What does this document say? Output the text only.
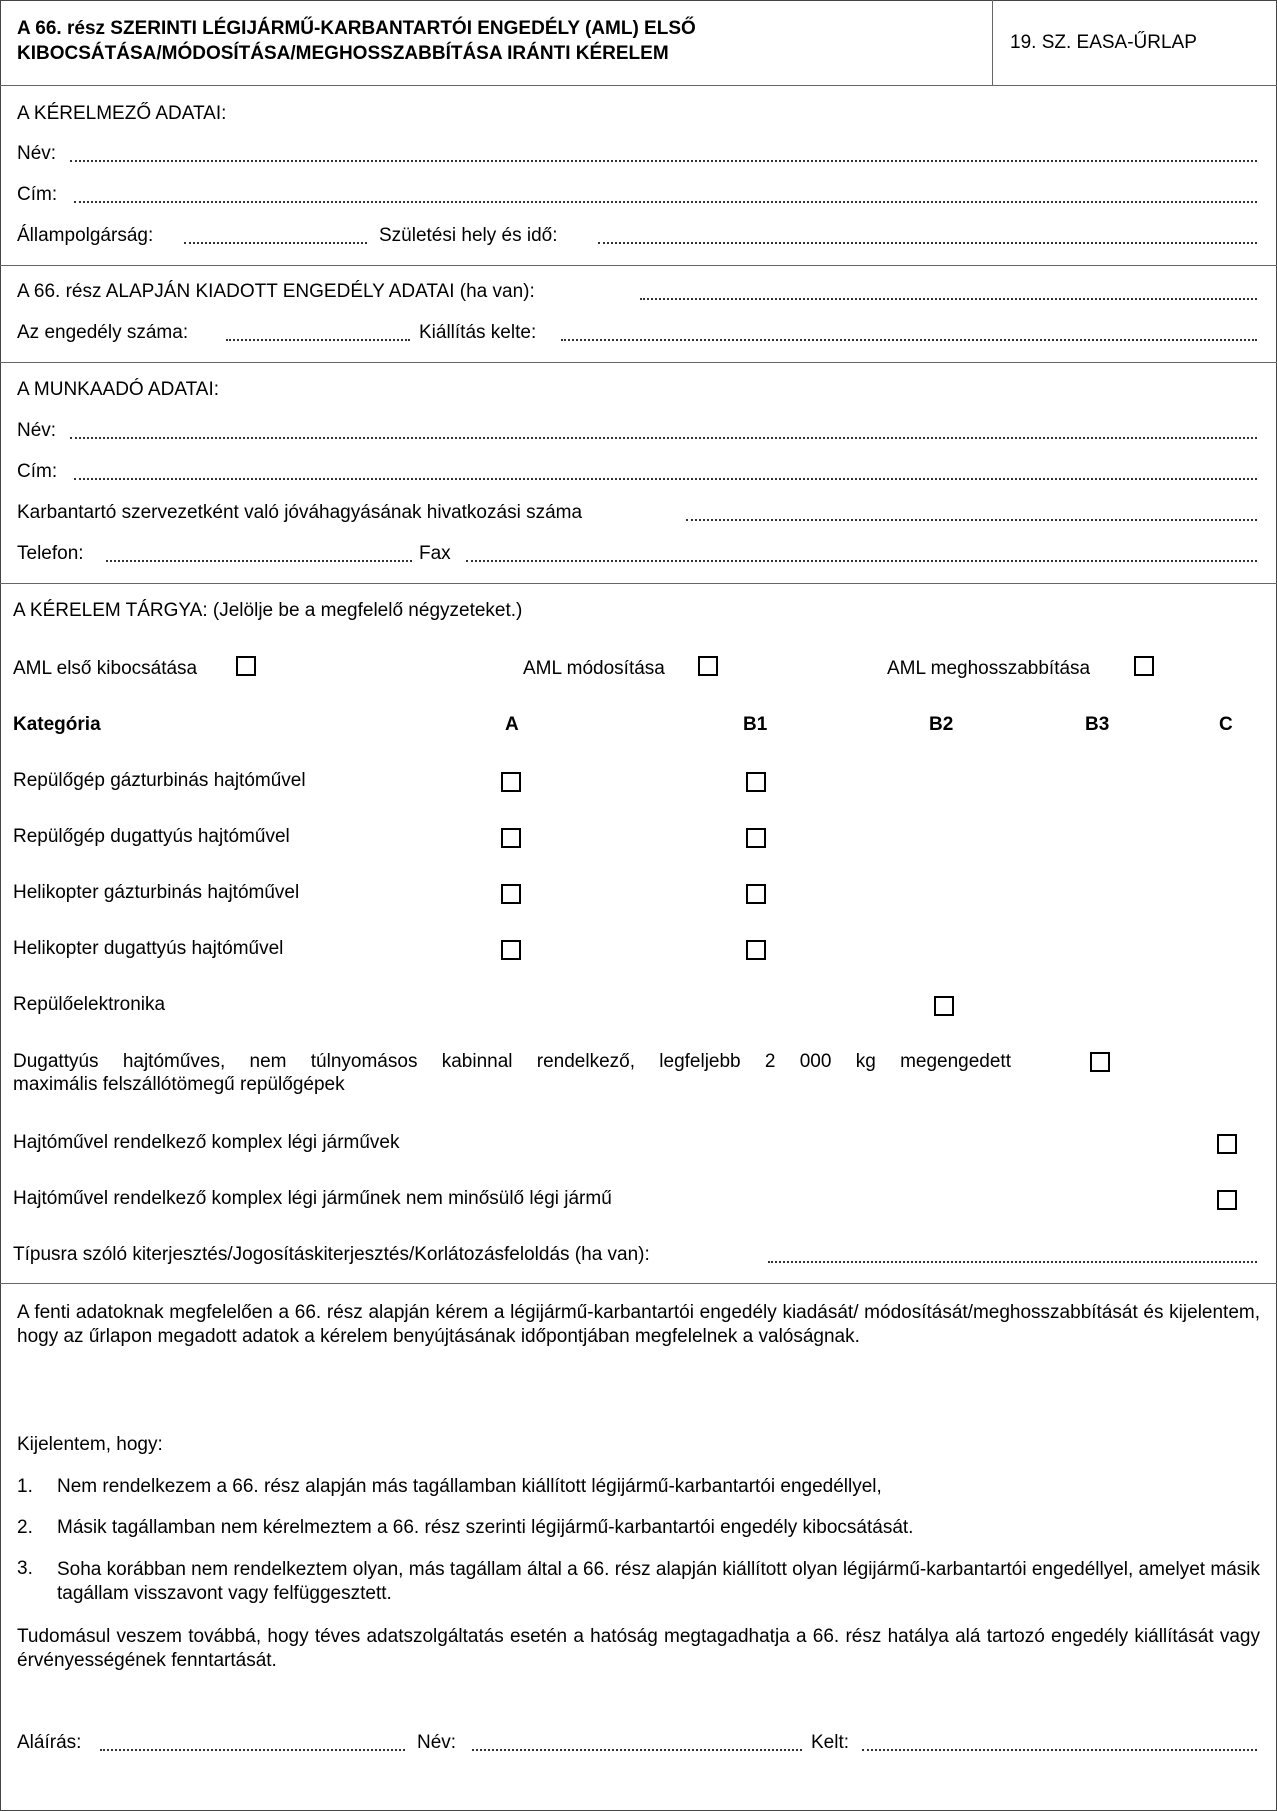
A 66. rész SZERINTI LÉGIJÁRMŰ-KARBANTARTÓI ENGEDÉLY (AML) ELSŐ
KIBOCSÁTÁSA/MÓDOSÍTÁSA/MEGHOSSZABBÍTÁSA IRÁNTI KÉRELEM
19. SZ. EASA-ŰRLAP
A KÉRELMEZŐ ADATAI:
Név:
Cím:
Állampolgárság:	Születési hely és idő:
A 66. rész ALAPJÁN KIADOTT ENGEDÉLY ADATAI (ha van):
Az engedély száma:	Kiállítás kelte:
A MUNKAADÓ ADATAI:
Név:
Cím:
Karbantartó szervezetként való jóváhagyásának hivatkozási száma
Telefon:	Fax
A KÉRELEM TÁRGYA: (Jelölje be a megfelelő négyzeteket.)
AML első kibocsátása	AML módosítása	AML meghosszabbítása
Kategória	A	B1	B2	B3	C
Repülőgép gázturbinás hajtóművel
Repülőgép dugattyús hajtóművel
Helikopter gázturbinás hajtóművel
Helikopter dugattyús hajtóművel
Repülőelektronika
Dugattyús hajtóműves, nem túlnyomásos kabinnal rendelkező, legfeljebb 2 000 kg megengedett
maximális felszállótömegű repülőgépek
Hajtóművel rendelkező komplex légi járművek
Hajtóművel rendelkező komplex légi járműnek nem minősülő légi jármű
Típusra szóló kiterjesztés/Jogosításkiterjesztés/Korlátozásfeloldás (ha van):
A fenti adatoknak megfelelően a 66. rész alapján kérem a légijármű-karbantartói engedély kiadását/ módosítását/meghosszabbítását és kijelentem, hogy az űrlapon megadott adatok a kérelem benyújtásának időpontjában megfelelnek a valóságnak.
Kijelentem, hogy:
1. Nem rendelkezem a 66. rész alapján más tagállamban kiállított légijármű-karbantartói engedéllyel,
2. Másik tagállamban nem kérelmeztem a 66. rész szerinti légijármű-karbantartói engedély kibocsátását.
3. Soha korábban nem rendelkeztem olyan, más tagállam által a 66. rész alapján kiállított olyan légijármű-karbantartói engedéllyel, amelyet másik tagállam visszavont vagy felfüggesztett.
Tudomásul veszem továbbá, hogy téves adatszolgáltatás esetén a hatóság megtagadhatja a 66. rész hatálya alá tartozó engedély kiállítását vagy érvényességének fenntartását.
Aláírás:	Név:	Kelt:
